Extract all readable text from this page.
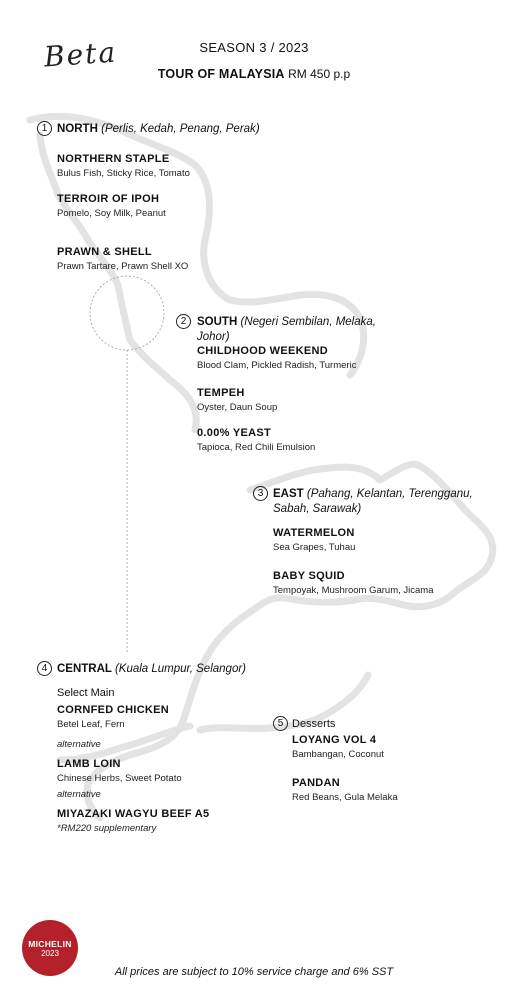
Beta	SEASON 3 / 2023
TOUR OF MALAYSIA RM 450 p.p
1 NORTH (Perlis, Kedah, Penang, Perak)
NORTHERN STAPLE
Bulus Fish, Sticky Rice, Tomato
TERROIR OF IPOH
Pomelo, Soy Milk, Peanut
PRAWN & SHELL
Prawn Tartare, Prawn Shell XO
2 SOUTH (Negeri Sembilan, Melaka,
Johor)
CHILDHOOD WEEKEND
Blood Clam, Pickled Radish, Turmeric
TEMPEH
Oyster, Daun Soup
0.00% YEAST
Tapioca, Red Chili Emulsion
3 EAST (Pahang, Kelantan, Terengganu,
Sabah, Sarawak)
WATERMELON
Sea Grapes, Tuhau
BABY SQUID
Tempoyak, Mushroom Garum, Jicama
4 CENTRAL (Kuala Lumpur, Selangor)
Select Main
CORNFED CHICKEN
Betel Leaf, Fern
alternative
LAMB LOIN
Chinese Herbs, Sweet Potato
alternative
MIYAZAKI WAGYU BEEF A5
*RM220 supplementary
5 Desserts
LOYANG VOL 4
Bambangan, Coconut
PANDAN
Red Beans, Gula Melaka
MICHELIN
2023
All prices are subject to 10% service charge and 6% SST
